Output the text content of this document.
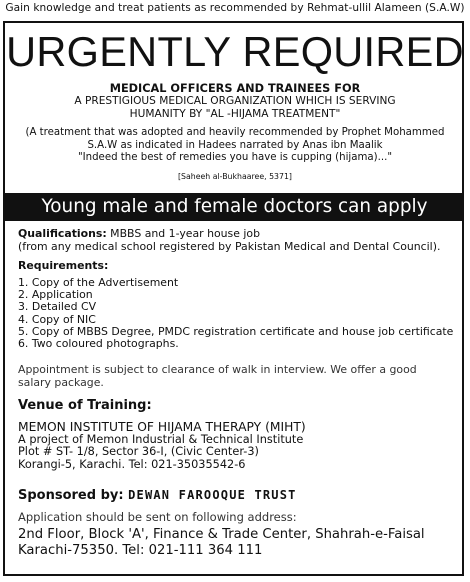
Gain knowledge and treat patients as recommended by Rehmat-ullil Alameen (S.A.W)
URGENTLY REQUIRED
MEDICAL OFFICERS AND TRAINEES FOR
A PRESTIGIOUS MEDICAL ORGANIZATION WHICH IS SERVING
HUMANITY BY "AL -HIJAMA TREATMENT"
(A treatment that was adopted and heavily recommended by Prophet Mohammed
S.A.W as indicated in Hadees narrated by Anas ibn Maalik
"Indeed the best of remedies you have is cupping (hijama)..."
[Saheeh al-Bukhaaree, 5371]
Young male and female doctors can apply
Qualifications: MBBS and 1-year house job
(from any medical school registered by Pakistan Medical and Dental Council).
Requirements:
1. Copy of the Advertisement
2. Application
3. Detailed CV
4. Copy of NIC
5. Copy of MBBS Degree, PMDC registration certificate and house job certificate
6. Two coloured photographs.
Appointment is subject to clearance of walk in interview. We offer a good
salary package.
Venue of Training:
MEMON INSTITUTE OF HIJAMA THERAPY (MIHT)
A project of Memon Industrial & Technical Institute
Plot # ST- 1/8, Sector 36-I, (Civic Center-3)
Korangi-5, Karachi. Tel: 021-35035542-6
Sponsored by: DEWAN FAROOQUE TRUST
Application should be sent on following address:
2nd Floor, Block 'A', Finance & Trade Center, Shahrah-e-Faisal
Karachi-75350. Tel: 021-111 364 111
